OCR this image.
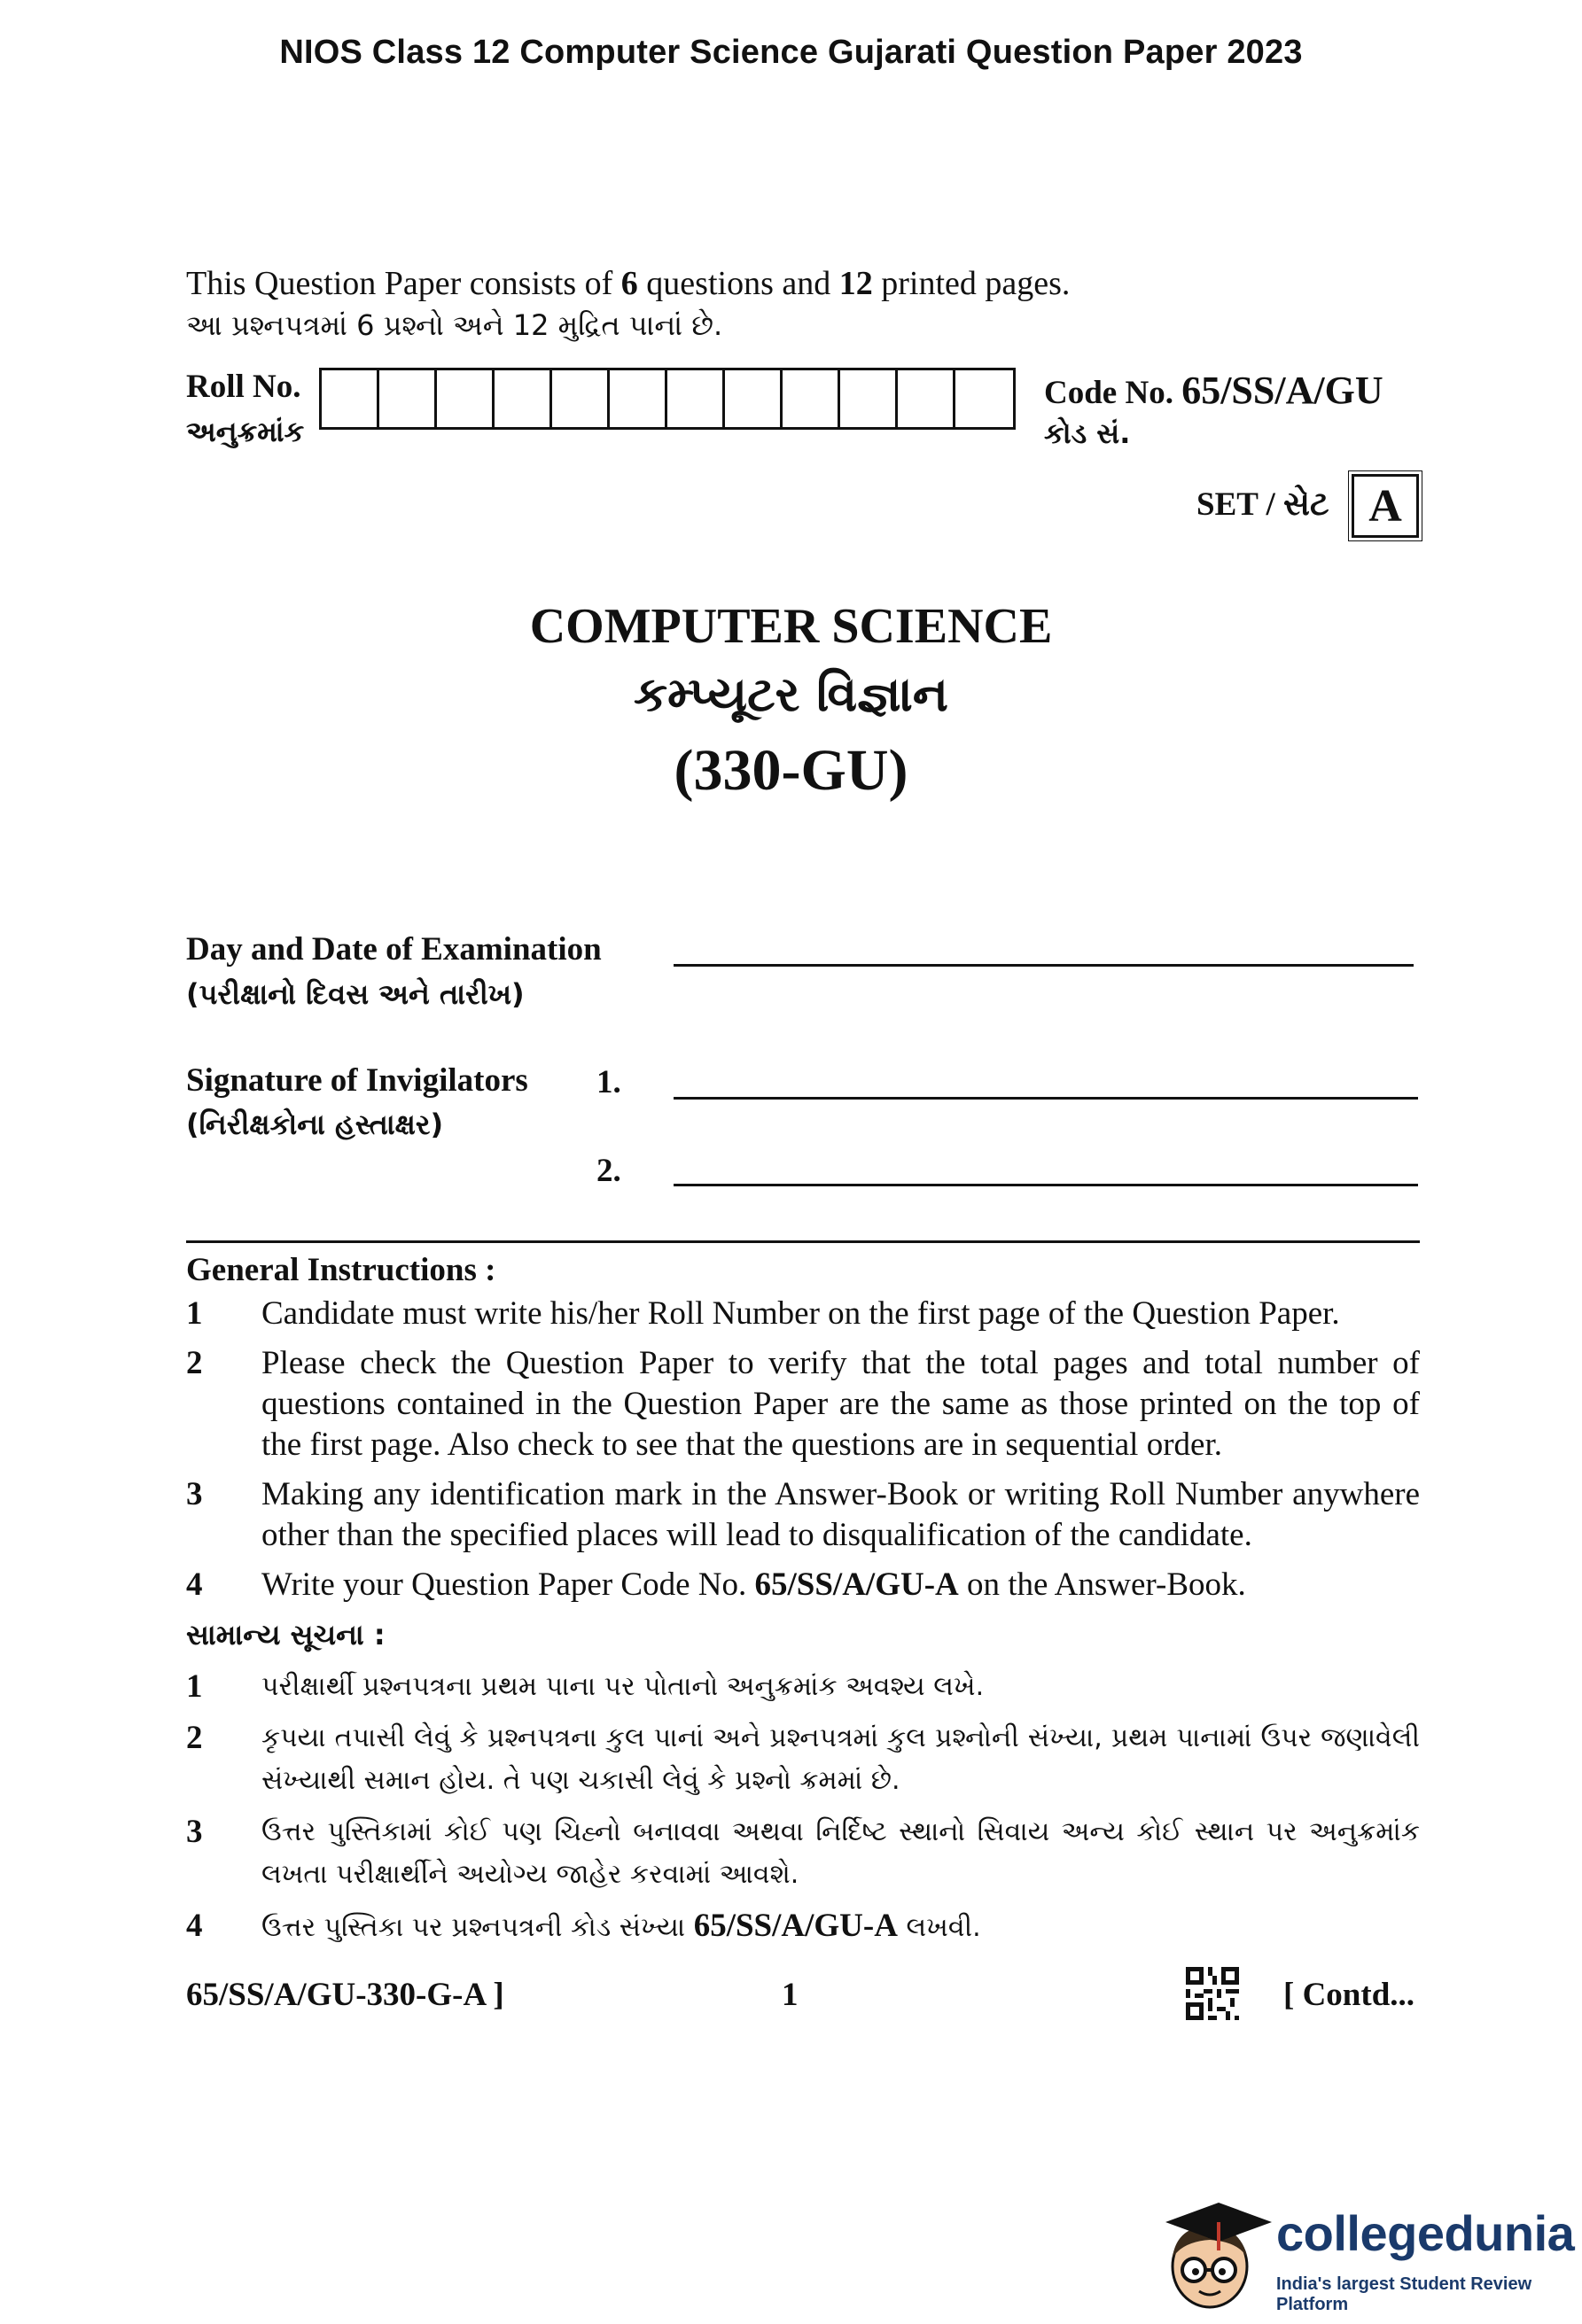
NIOS Class 12 Computer Science Gujarati Question Paper 2023
This Question Paper consists of 6 questions and 12 printed pages.
આ પ્રશ્નપત્રમાં 6 પ્રશ્નો અને 12 મુદ્રિત પાનાં છે.
Roll No.
અનુક્રમાંક
Code No. 65/SS/A/GU
કોડ સં.
SET / સેટ A
COMPUTER SCIENCE
કમ્પ્યૂટર વિજ્ઞાન
(330-GU)
Day and Date of Examination
(પરીક્ષાનો દિવસ અને તારીખ)
Signature of Invigilators
(નિરીક્ષકોના હસ્તાક્ષર)
1.
2.
General Instructions :
1	Candidate must write his/her Roll Number on the first page of the Question Paper.
2	Please check the Question Paper to verify that the total pages and total number of questions contained in the Question Paper are the same as those printed on the top of the first page. Also check to see that the questions are in sequential order.
3	Making any identification mark in the Answer-Book or writing Roll Number anywhere other than the specified places will lead to disqualification of the candidate.
4	Write your Question Paper Code No. 65/SS/A/GU-A on the Answer-Book.
સામાન્ય સૂચના :
1	પરીક્ષાર્થી પ્રશ્નપત્રના પ્રથમ પાના પર પોતાનો અનુક્રમાંક અવશ્ય લખે.
2	કૃપયા તપાસી લેવું કે પ્રશ્નપત્રના કુલ પાનાં અને પ્રશ્નપત્રમાં કુલ પ્રશ્નોની સંખ્યા, પ્રથમ પાનામાં ઉપર જણાવેલી સંખ્યાથી સમાન હોય. તે પણ ચકાસી લેવું કે પ્રશ્નો ક્રમમાં છે.
3	ઉત્તર પુસ્તિકામાં કોઈ પણ ચિહ્નો બનાવવા અથવા નિર્દિષ્ટ સ્થાનો સિવાય અન્ય કોઈ સ્થાન પર અનુક્રમાંક લખતા પરીક્ષાર્થીને અયોગ્ય જાહેર કરવામાં આવશે.
4	ઉત્તર પુસ્તિકા પર પ્રશ્નપત્રની કોડ સંખ્યા 65/SS/A/GU-A લખવી.
65/SS/A/GU-330-G-A ]	1	[ Contd...
collegedunia
India's largest Student Review Platform
